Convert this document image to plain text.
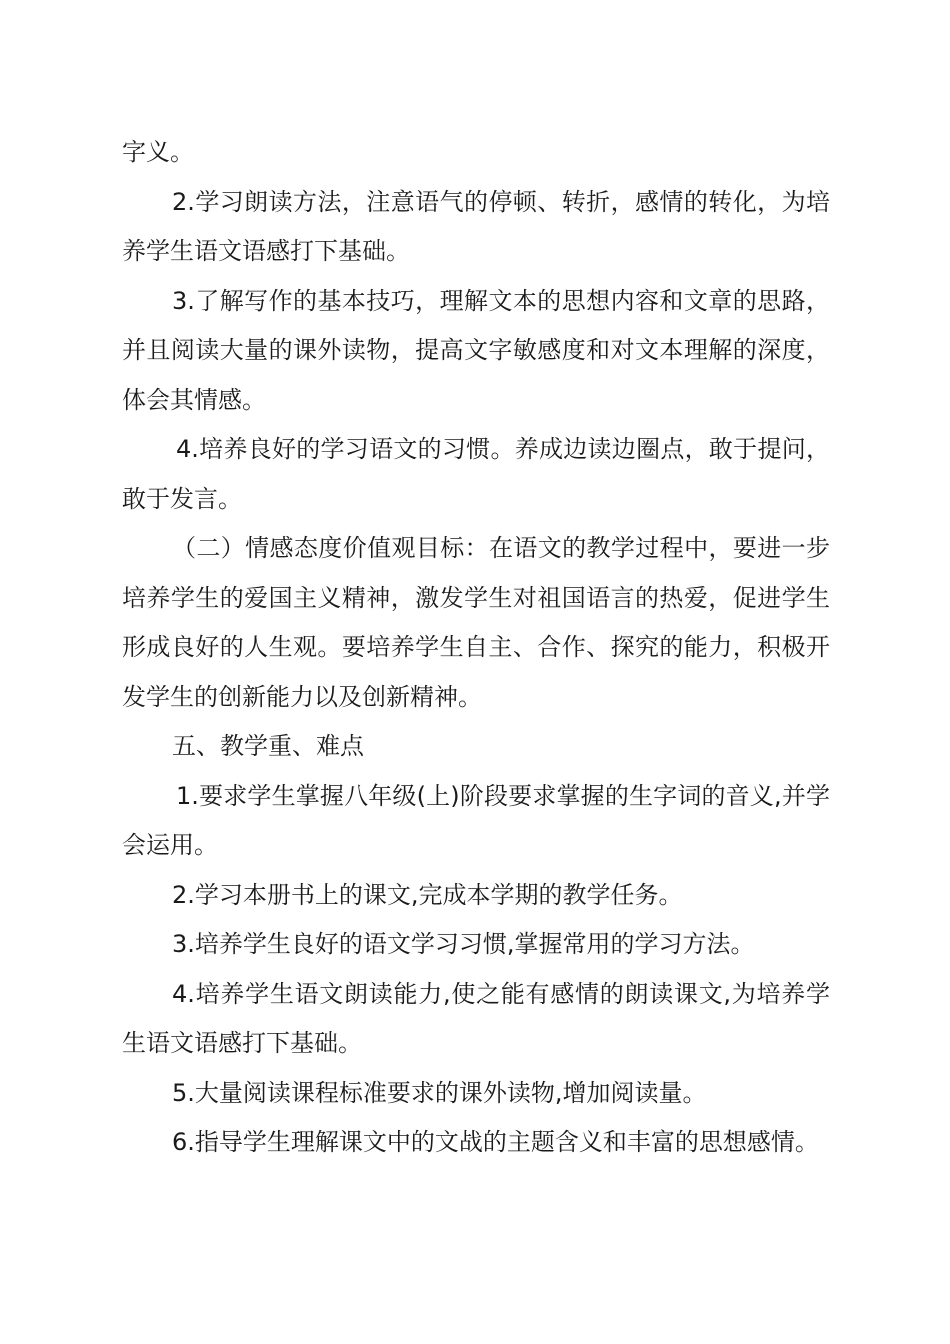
字义。

2.学习朗读方法，注意语气的停顿、转折，感情的转化，为培养学生语文语感打下基础。

3.了解写作的基本技巧，理解文本的思想内容和文章的思路，并且阅读大量的课外读物，提高文字敏感度和对文本理解的深度，体会其情感。

4.培养良好的学习语文的习惯。养成边读边圈点，敢于提问，敢于发言。

（二）情感态度价值观目标：在语文的教学过程中，要进一步培养学生的爱国主义精神，激发学生对祖国语言的热爱，促进学生形成良好的人生观。要培养学生自主、合作、探究的能力，积极开发学生的创新能力以及创新精神。

五、教学重、难点

1.要求学生掌握八年级(上)阶段要求掌握的生字词的音义,并学会运用。

2.学习本册书上的课文,完成本学期的教学任务。

3.培养学生良好的语文学习习惯,掌握常用的学习方法。

4.培养学生语文朗读能力,使之能有感情的朗读课文,为培养学生语文语感打下基础。

5.大量阅读课程标准要求的课外读物,增加阅读量。

6.指导学生理解课文中的文战的主题含义和丰富的思想感情。
